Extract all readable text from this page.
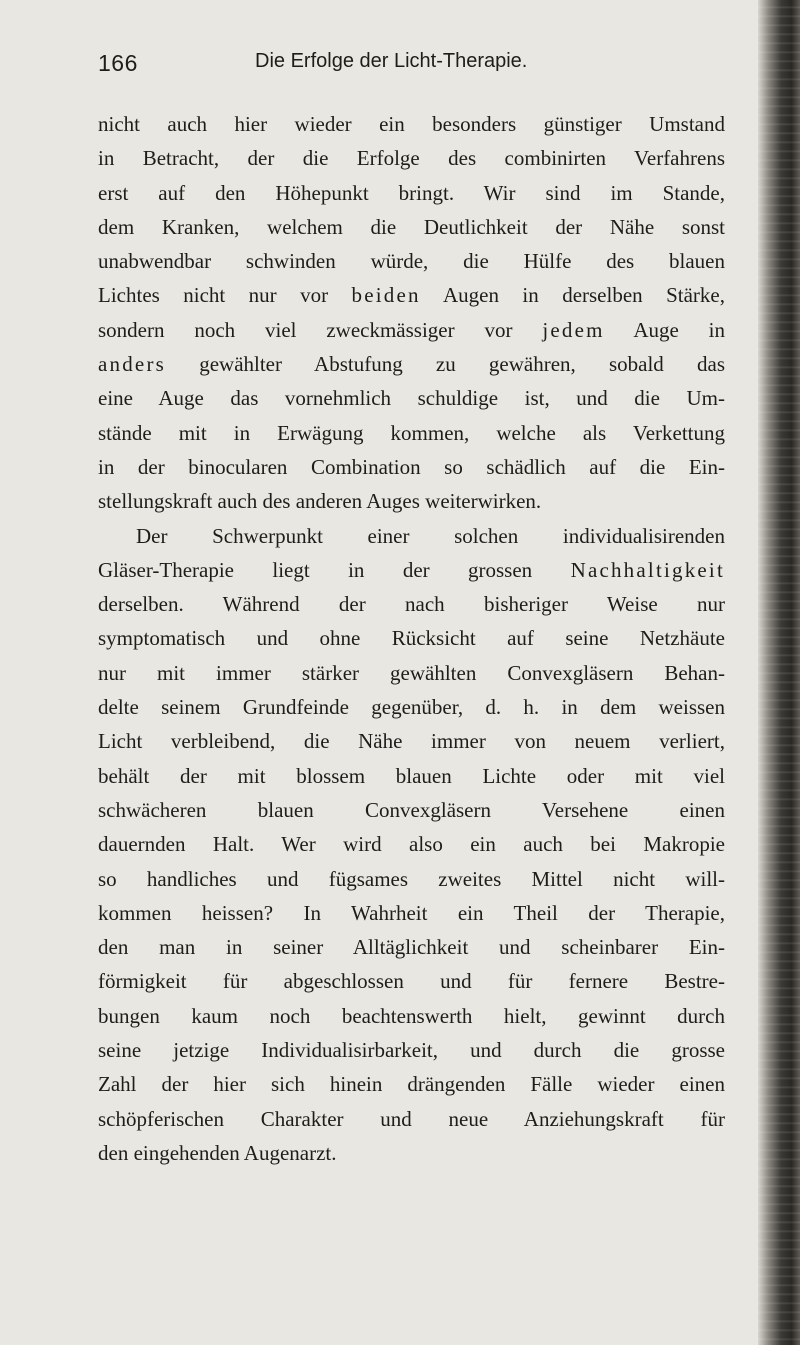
166	Die Erfolge der Licht-Therapie.
nicht auch hier wieder ein besonders günstiger Umstand
in Betracht, der die Erfolge des combinirten Verfahrens
erst auf den Höhepunkt bringt. Wir sind im Stande,
dem Kranken, welchem die Deutlichkeit der Nähe sonst
unabwendbar schwinden würde, die Hülfe des blauen
Lichtes nicht nur vor beiden Augen in derselben Stärke,
sondern noch viel zweckmässiger vor jedem Auge in
anders gewählter Abstufung zu gewähren, sobald das
eine Auge das vornehmlich schuldige ist, und die Um-
stände mit in Erwägung kommen, welche als Verkettung
in der binocularen Combination so schädlich auf die Ein-
stellungskraft auch des anderen Auges weiterwirken.
Der Schwerpunkt einer solchen individualisirenden
Gläser-Therapie liegt in der grossen Nachhaltigkeit
derselben. Während der nach bisheriger Weise nur
symptomatisch und ohne Rücksicht auf seine Netzhäute
nur mit immer stärker gewählten Convexgläsern Behan-
delte seinem Grundfeinde gegenüber, d. h. in dem weissen
Licht verbleibend, die Nähe immer von neuem verliert,
behält der mit blossem blauen Lichte oder mit viel
schwächeren blauen Convexgläsern Versehene einen
dauernden Halt. Wer wird also ein auch bei Makropie
so handliches und fügsames zweites Mittel nicht will-
kommen heissen? In Wahrheit ein Theil der Therapie,
den man in seiner Alltäglichkeit und scheinbarer Ein-
förmigkeit für abgeschlossen und für fernere Bestre-
bungen kaum noch beachtenswerth hielt, gewinnt durch
seine jetzige Individualisirbarkeit, und durch die grosse
Zahl der hier sich hinein drängenden Fälle wieder einen
schöpferischen Charakter und neue Anziehungskraft für
den eingehenden Augenarzt.
